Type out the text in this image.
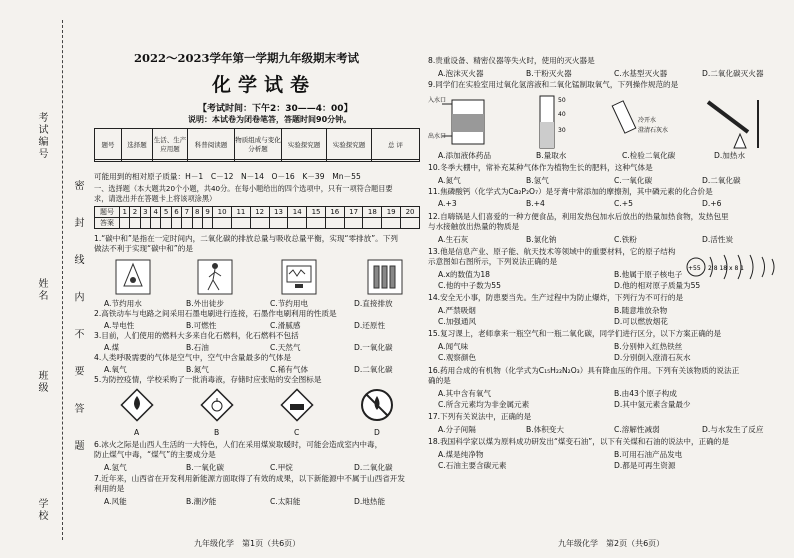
考试编号
姓名	密 封 线 内 不 要 答 题
班级
学校
2022～2023学年第一学期九年级期末考试
化学试卷
【考试时间：下午2：30——4：00】
说明：本试卷为闭卷笔答，答题时间90分钟。
题号	选择题	生活、生产应用题	科普阅读题	物质组成与变化分析题	实验探究题	实验探究题	总 评

可能用到的相对原子质量：H－1　C－12　N－14　O－16　K－39　Mn－55
一、选择题（本大题共20个小题，共40分。在每小题给出的四个选项中，只有一项符合题目要
求，请选出并在答题卡上将该项涂黑）
题号	1	2	3	4	5	6	7	8	9	10	11	12	13	14	15	16	17	18	19	20
答案																				
1.“碳中和”是指在一定时间内，二氧化碳的排放总量与吸收总量平衡，实现“零排放”。下列
做法不利于实现“碳中和”的是
A.节约用水	B.外出徒步	C.节约用电	D.直接排放
2.高铁动车与电路之间采用石墨电刷进行连接，石墨作电刷利用的性质是
A.导电性	B.可燃性	C.滑腻感	D.还原性
3.目前，人们使用的燃料大多来自化石燃料，化石燃料不包括
A.煤	B.石油	C.天然气	D.一氧化碳
4.人类呼吸需要的气体是空气中，空气中含量最多的气体是
A.氧气	B.氮气	C.稀有气体	D.二氧化碳
5.为防控疫情，学校采购了一批消毒液，存储时应张贴的安全图标是
A	B	C	D
6.冰火之际是山西人生活的一大特色，人们在采用煤炭取暖时，可能会造成室内中毒，
防止煤气中毒，“煤气”的主要成分是
A.氢气	B.一氧化碳	C.甲烷	D.二氧化碳
7.近年来，山西省在开发利用新能源方面取得了有效的成果，以下新能源中不属于山西省开发
利用的是
A.风能	B.潮汐能	C.太阳能	D.地热能
九年级化学　第1页（共6页）
8.贵重设备、精密仪器等失火时，使用的灭火器是
A.泡沫灭火器	B.干粉灭火器	C.水基型灭火器	D.二氧化碳灭火器
9.同学们在实验室用过氧化氢溶液和二氧化锰制取氧气，下列操作规范的是
入水口
出水口
50
40
30
冷开水
澄清石灰水
A.添加液体药品	B.量取水	C.检验二氧化碳	D.加热水
10.冬季大棚中，常补充某种气体作为植物生长的肥料，这种气体是
A.氮气	B.氢气	C.一氧化碳	D.二氧化碳
11.焦磷酸钙（化学式为Ca₂P₂O₇）是牙膏中常添加的摩擦剂，其中磷元素的化合价是
A.+3	B.+4	C.+5	D.+6
12.自嗨锅是人们喜爱的一种方便食品，利用发热包加水后放出的热量加热食物，发热包里
与水接触放出热量的物质是
A.生石灰	B.氯化钠	C.铁粉	D.活性炭
13.他是信息产业、原子能、航天技术等领域中的重要材料，它的原子结构
示意图如右图所示，下列说法正确的是
+55 2 8 18 x 8 1
A.x的数值为18	B.他属于原子核电子
C.他的中子数为55	D.他的相对原子质量为55
14.安全无小事，防患要当先。生产过程中为防止爆炸，下列行为不可行的是
A.严禁吸烟	B.随意堆放杂物
C.加强通风	D.可以燃放烟花
15.复习课上，老师拿来一瓶空气和一瓶二氧化碳，同学们进行区分，以下方案正确的是
A.闻气味	B.分别伸入红热铁丝
C.观察颜色	D.分别倒入澄清石灰水
16.药用合成的有机物（化学式为C₁₅H₂₂N₂O₃）具有降血压的作用。下列有关该物质的说法正
确的是
A.其中含有氧气	B.由43个原子构成
C.所含元素均为非金属元素	D.其中氢元素含量最少
17.下列有关说法中，正确的是
A.分子间隔	B.体积变大	C.溶解性减弱	D.与水发生了反应
18.我国科学家以煤为原料成功研发出“煤变石油”，以下有关煤和石油的说法中，正确的是
A.煤是纯净物	B.可用石油产品发电
C.石油主要含碳元素	D.都是可再生资源
九年级化学　第2页（共6页）
